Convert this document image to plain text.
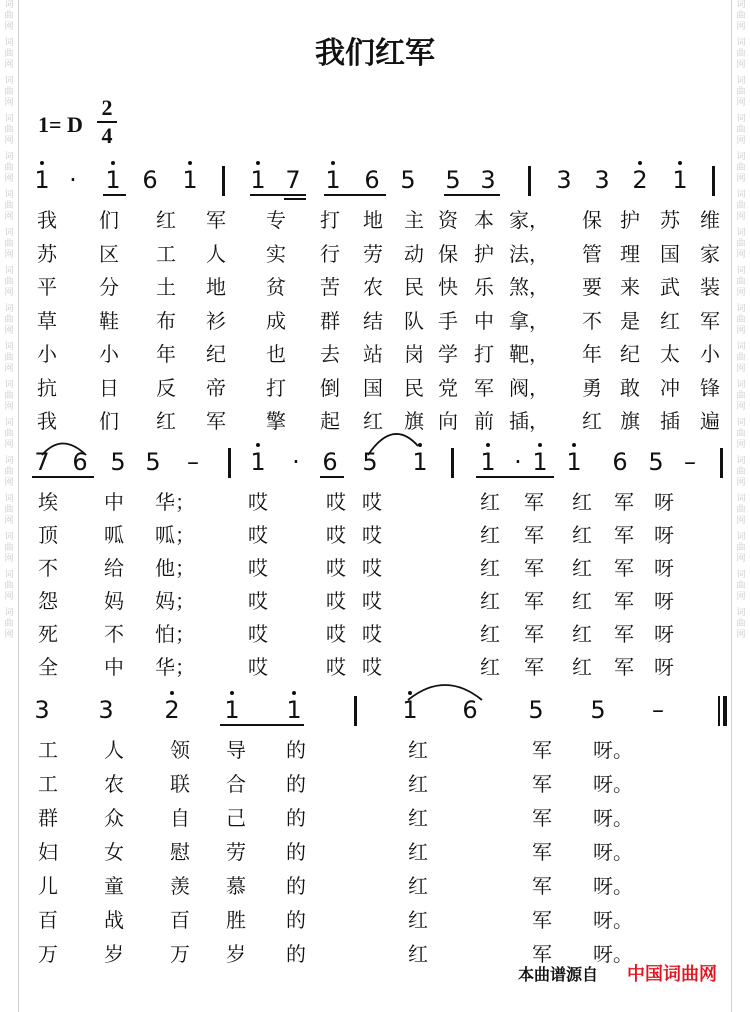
词曲网
词曲网
词曲网
词曲网
词曲网
词曲网
词曲网
词曲网
词曲网
词曲网
词曲网
词曲网
词曲网
词曲网
词曲网
词曲网
词曲网
词曲网
词曲网
词曲网
词曲网
词曲网
词曲网
词曲网
词曲网
词曲网
词曲网
词曲网
词曲网
词曲网
词曲网
词曲网
词曲网
词曲网
我们红军
1= D
2
4
1 ·	1 6 1 1 7 1 6 5 5 3	3 3 2 1
我 们 红 军 专 打 地 主 资 本 家，	保 护 苏 维
苏 区 工 人 实 行 劳 动 保 护 法，	管 理 国 家
平 分 土 地 贫 苦 农 民 快 乐 煞，	要 来 武 装
草 鞋 布 衫 成 群 结 队 手 中 拿，	不 是 红 军
小 小 年 纪 也 去 站 岗 学 打 靶，	年 纪 太 小
抗 日 反 帝 打 倒 国 民 党 军 阀，	勇 敢 冲 锋
我 们 红 军 擎 起 红 旗 向 前 插，	红 旗 插 遍
7 6 5 5 – 1	· 6 5 1 1 · 1 1 6 5 –
埃 中 华；	哎	哎 哎	红 军 红 军 呀
顶 呱 呱；	哎	哎 哎	红 军 红 军 呀
不 给 他；	哎	哎 哎	红 军 红 军 呀
怨 妈 妈；	哎	哎 哎	红 军 红 军 呀
死 不 怕；	哎	哎 哎	红 军 红 军 呀
全 中 华；	哎	哎 哎	红 军 红 军 呀
3 3 2 1 1	1 6 5 5 –
工 人 领 导 的	红	军 呀。
工 农 联 合 的	红	军 呀。
群 众 自 己 的	红	军 呀。
妇 女 慰 劳 的	红	军 呀。
儿 童 羡 慕 的	红	军 呀。
百 战 百 胜 的	红	军 呀。
万 岁 万 岁 的	红	军 呀。
本曲谱源自 中国词曲网
